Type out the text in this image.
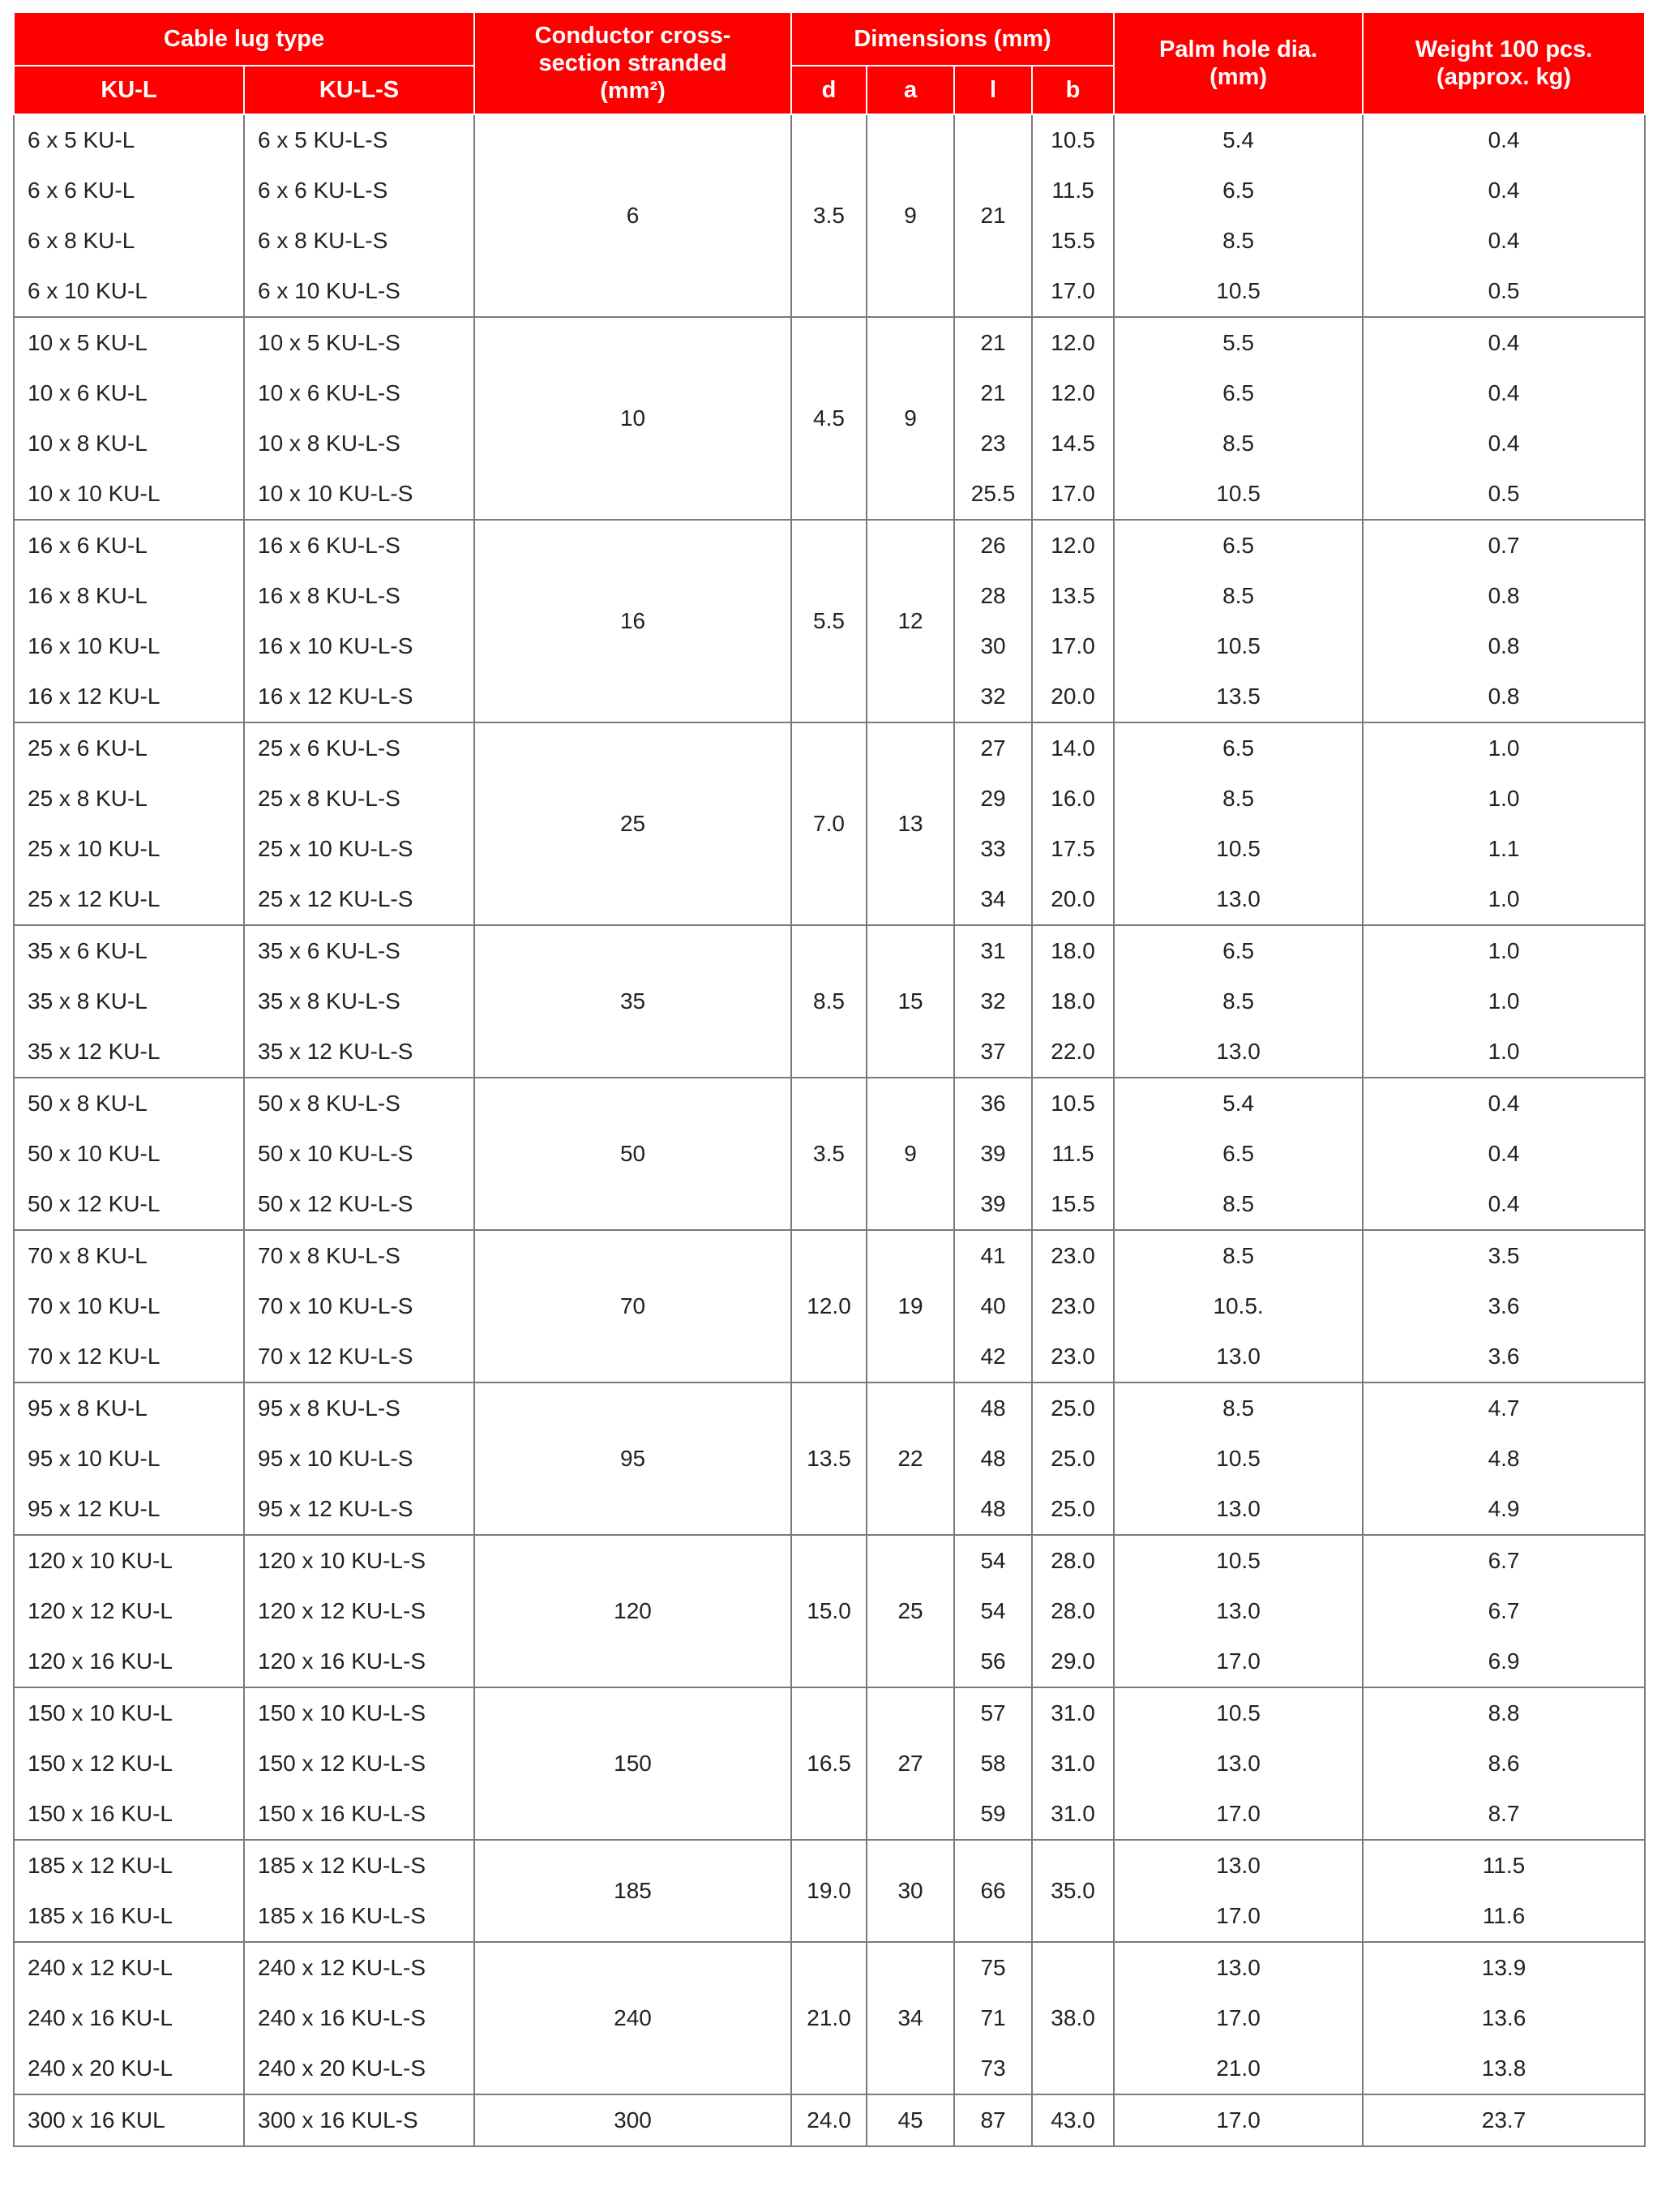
Cable lug type		Conductor cross-section stranded (mm²)	Dimensions (mm)				Palm hole dia. (mm)	Weight 100 pcs. (approx. kg)

KU-L	KU-L-S		d	a	l	b		
6 x 5 KU-L	6 x 5 KU-L-S	6	3.5	9	21	10.5	5.4	0.4
6 x 6 KU-L	6 x 6 KU-L-S					11.5	6.5	0.4
6 x 8 KU-L	6 x 8 KU-L-S					15.5	8.5	0.4
6 x 10 KU-L	6 x 10 KU-L-S					17.0	10.5	0.5
10 x 5 KU-L	10 x 5 KU-L-S	10	4.5	9	21	12.0	5.5	0.4
10 x 6 KU-L	10 x 6 KU-L-S				21	12.0	6.5	0.4
10 x 8 KU-L	10 x 8 KU-L-S				23	14.5	8.5	0.4
10 x 10 KU-L	10 x 10 KU-L-S				25.5	17.0	10.5	0.5
16 x 6 KU-L	16 x 6 KU-L-S	16	5.5	12	26	12.0	6.5	0.7
16 x 8 KU-L	16 x 8 KU-L-S				28	13.5	8.5	0.8
16 x 10 KU-L	16 x 10 KU-L-S				30	17.0	10.5	0.8
16 x 12 KU-L	16 x 12 KU-L-S				32	20.0	13.5	0.8
25 x 6 KU-L	25 x 6 KU-L-S	25	7.0	13	27	14.0	6.5	1.0
25 x 8 KU-L	25 x 8 KU-L-S				29	16.0	8.5	1.0
25 x 10 KU-L	25 x 10 KU-L-S				33	17.5	10.5	1.1
25 x 12 KU-L	25 x 12 KU-L-S				34	20.0	13.0	1.0
35 x 6 KU-L	35 x 6 KU-L-S	35	8.5	15	31	18.0	6.5	1.0
35 x 8 KU-L	35 x 8 KU-L-S				32	18.0	8.5	1.0
35 x 12 KU-L	35 x 12 KU-L-S				37	22.0	13.0	1.0
50 x 8 KU-L	50 x 8 KU-L-S	50	3.5	9	36	10.5	5.4	0.4
50 x 10 KU-L	50 x 10 KU-L-S				39	11.5	6.5	0.4
50 x 12 KU-L	50 x 12 KU-L-S				39	15.5	8.5	0.4
70 x 8 KU-L	70 x 8 KU-L-S	70	12.0	19	41	23.0	8.5	3.5
70 x 10 KU-L	70 x 10 KU-L-S				40	23.0	10.5.	3.6
70 x 12 KU-L	70 x 12 KU-L-S				42	23.0	13.0	3.6
95 x 8 KU-L	95 x 8 KU-L-S	95	13.5	22	48	25.0	8.5	4.7
95 x 10 KU-L	95 x 10 KU-L-S				48	25.0	10.5	4.8
95 x 12 KU-L	95 x 12 KU-L-S				48	25.0	13.0	4.9
120 x 10 KU-L	120 x 10 KU-L-S	120	15.0	25	54	28.0	10.5	6.7
120 x 12 KU-L	120 x 12 KU-L-S				54	28.0	13.0	6.7
120 x 16 KU-L	120 x 16 KU-L-S				56	29.0	17.0	6.9
150 x 10 KU-L	150 x 10 KU-L-S	150	16.5	27	57	31.0	10.5	8.8
150 x 12 KU-L	150 x 12 KU-L-S				58	31.0	13.0	8.6
150 x 16 KU-L	150 x 16 KU-L-S				59	31.0	17.0	8.7
185 x 12 KU-L	185 x 12 KU-L-S	185	19.0	30	66	35.0	13.0	11.5
185 x 16 KU-L	185 x 16 KU-L-S						17.0	11.6
240 x 12 KU-L	240 x 12 KU-L-S	240	21.0	34	75	38.0	13.0	13.9
240 x 16 KU-L	240 x 16 KU-L-S				71		17.0	13.6
240 x 20 KU-L	240 x 20 KU-L-S				73		21.0	13.8
300 x 16 KUL	300 x 16 KUL-S	300	24.0	45	87	43.0	17.0	23.7
